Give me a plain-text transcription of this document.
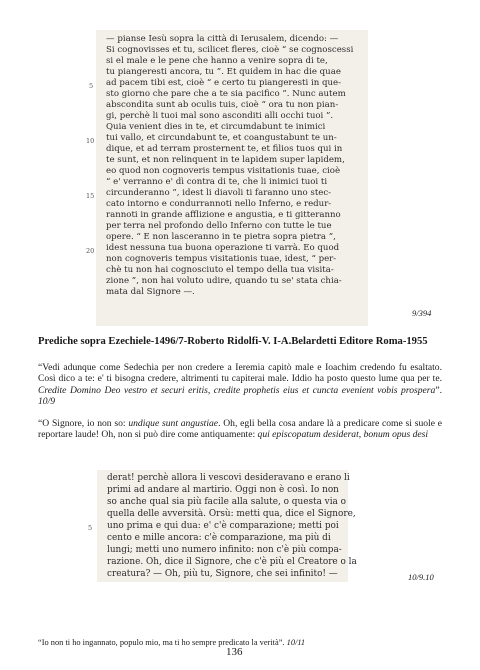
— pianse Iesù sopra la città di Ierusalem, dicendo: —
Si cognovisses et tu, scilicet fleres, cioè “ se cognoscessi
si el male e le pene che hanno a venire sopra di te,
tu piangeresti ancora, tu ”. Et quidem in hac die quae
ad pacem tibi est, cioè “ e certo tu piangeresti in que-
sto giorno che pare che a te sia pacifico ”. Nunc autem
abscondita sunt ab oculis tuis, cioè “ ora tu non pian-
gi, perchè li tuoi mal sono asconditi alli occhi tuoi ”.
Quia venient dies in te, et circumdabunt te inimici
tui vallo, et circundabunt te, et coangustabunt te un-
dique, et ad terram prosternent te, et filios tuos qui in
te sunt, et non relinquent in te lapidem super lapidem,
eo quod non cognoveris tempus visitationis tuae, cioè
“ e' verranno e' dì contra di te, che li inimici tuoi ti
circunderanno ”, idest li diavoli ti faranno uno stec-
cato intorno e condurrannoti nello Inferno, e redur-
rannoti in grande afflizione e angustia, e ti gitteranno
per terra nel profondo dello Inferno con tutte le tue
opere. “ E non lasceranno in te pietra sopra pietra ”,
idest nessuna tua buona operazione ti varrà. Eo quod
non cognoveris tempus visitationis tuae, idest, “ per-
chè tu non hai cognosciuto el tempo della tua visita-
zione ”, non hai voluto udire, quando tu se' stata chia-
mata dal Signore —.
5
10
15
20
9/394
Prediche sopra Ezechiele-1496/7-Roberto Ridolfi-V. I-A.Belardetti Editore Roma-1955
“Vedi adunque come Sedechia per non credere a Ieremia capitò male e Ioachim credendo fu esaltato. Così dico a te: e' ti bisogna credere, altrimenti tu capiterai male. Iddio ha posto questo lume qua per te. Credite Domino Deo vestro et securi eritis, credite prophetis eius et cuncta evenient vobis prospera”. 10/9
“O Signore, io non so: undique sunt angustiae. Oh, egli bella cosa andare là a predicare come si suole e reportare laude! Oh, non si può dire come antiquamente: qui episcopatum desiderat, bonum opus desi
derat! perchè allora li vescovi desideravano e erano li
primi ad andare al martirio. Oggi non è così. Io non
so anche qual sia più facile alla salute, o questa via o
quella delle avversità. Orsù: metti qua, dice el Signore,
uno prima e qui dua: e' c'è comparazione; metti poi
cento e mille ancora: c'è comparazione, ma più di
lungi; metti uno numero infinito: non c'è più compa-
razione. Oh, dice il Signore, che c'è più el Creatore o la
creatura? — Oh, più tu, Signore, che sei infinito! —
5
10/9.10
“Io non ti ho ingannato, populo mio, ma ti ho sempre predicato la verità”. 10/11
136
